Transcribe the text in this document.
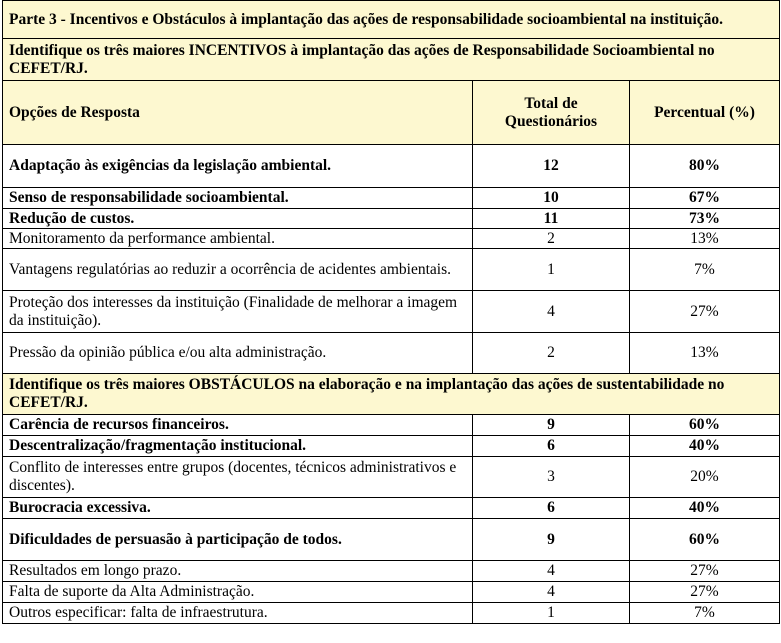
Parte 3 - Incentivos e Obstáculos à implantação das ações de responsabilidade socioambiental na instituição.		
Identifique os três maiores INCENTIVOS à implantação das ações de Responsabilidade Socioambiental no CEFET/RJ.		
Opções de Resposta	Total de Questionários	Percentual (%)
Adaptação às exigências da legislação ambiental.	12	80%
Senso de responsabilidade socioambiental.	10	67%
Redução de custos.	11	73%
Monitoramento da performance ambiental.	2	13%
Vantagens regulatórias ao reduzir a ocorrência de acidentes ambientais.	1	7%
Proteção dos interesses da instituição (Finalidade de melhorar a imagem da instituição).	4	27%
Pressão da opinião pública e/ou alta administração.	2	13%
Identifique os três maiores OBSTÁCULOS na elaboração e na implantação das ações de sustentabilidade no CEFET/RJ.		
Carência de recursos financeiros.	9	60%
Descentralização/fragmentação institucional.	6	40%
Conflito de interesses entre grupos (docentes, técnicos administrativos e discentes).	3	20%
Burocracia excessiva.	6	40%
Dificuldades de persuasão à participação de todos.	9	60%
Resultados em longo prazo.	4	27%
Falta de suporte da Alta Administração.	4	27%
Outros especificar: falta de infraestrutura.	1	7%
